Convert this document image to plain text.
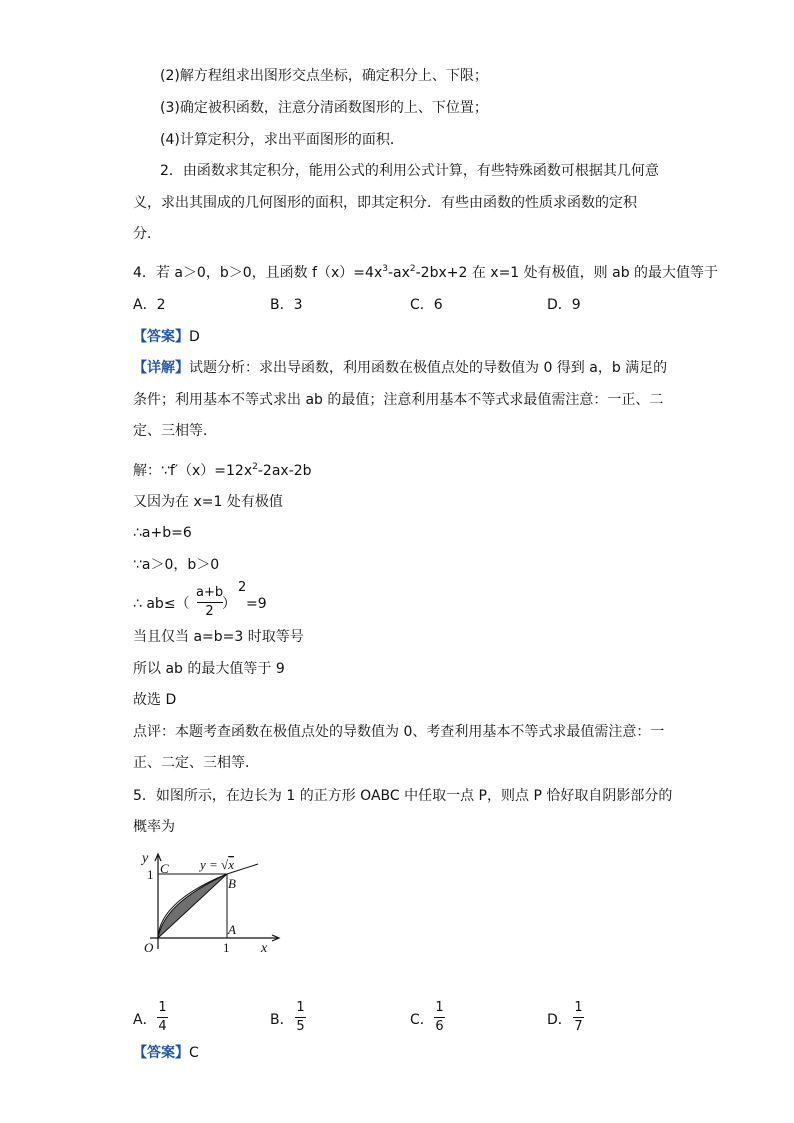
(2)解方程组求出图形交点坐标，确定积分上、下限；
(3)确定被积函数，注意分清函数图形的上、下位置；
(4)计算定积分，求出平面图形的面积．
2．由函数求其定积分，能用公式的利用公式计算，有些特殊函数可根据其几何意
义，求出其围成的几何图形的面积，即其定积分．有些由函数的性质求函数的定积
分．
4．若 a＞0，b＞0，且函数 $f(x)=4x^3-ax^2-2bx+2$ 在 x=1 处有极值，则 ab 的最大值等于
A．2	B．3	C．6	D．9
【答案】D
【详解】试题分析：求出导函数，利用函数在极值点处的导数值为 0 得到 a，b 满足的
条件；利用基本不等式求出 ab 的最值；注意利用基本不等式求最值需注意：一正、二
定、三相等．
解：$\because f'(x)=12x^2-2ax-2b$
又因为在 x=1 处有极值
∴a+b=6
∵a＞0，b＞0
∴ ab≤（
a+b
2 ）
2
=9
当且仅当 a=b=3 时取等号
所以 ab 的最大值等于 9
故选 D
点评：本题考查函数在极值点处的导数值为 0、考查利用基本不等式求最值需注意：一
正、二定、三相等．
5．如图所示，在边长为 1 的正方形 OABC 中任取一点 P，则点 P 恰好取自阴影部分的
概率为
y
x
C
B
A
O
1
1
y = √x
A．
1
4	B．
1
5	C．
1
6	D．
1
7
【答案】C
